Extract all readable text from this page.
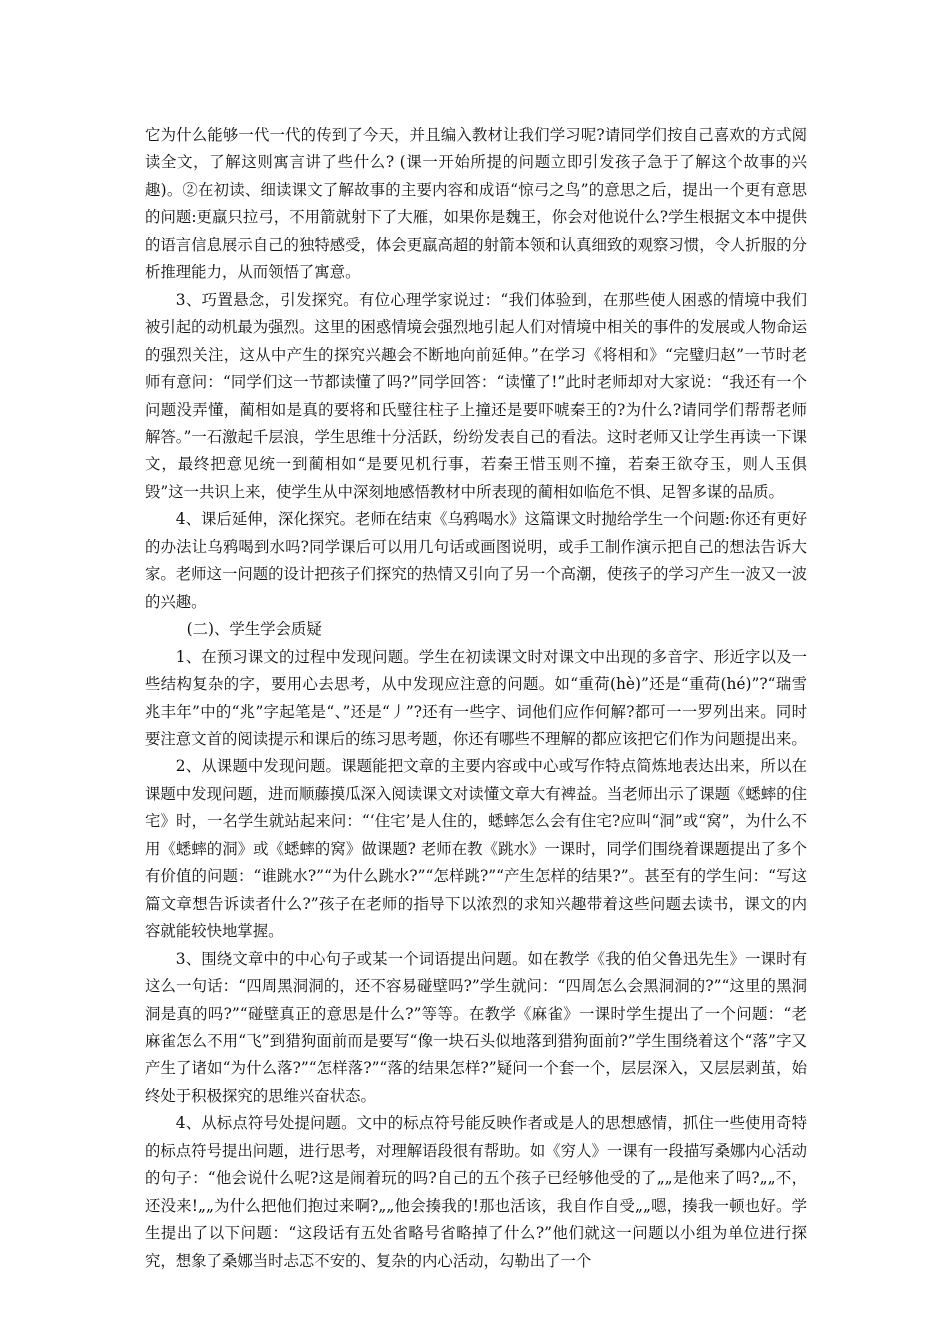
它为什么能够一代一代的传到了今天，并且编入教材让我们学习呢?请同学们按自己喜欢的方式阅读全文，了解这则寓言讲了些什么? (课一开始所提的问题立即引发孩子急于了解这个故事的兴趣)。②在初读、细读课文了解故事的主要内容和成语“惊弓之鸟”的意思之后，提出一个更有意思的问题:更羸只拉弓，不用箭就射下了大雁，如果你是魏王，你会对他说什么?学生根据文本中提供的语言信息展示自己的独特感受，体会更羸高超的射箭本领和认真细致的观察习惯，令人折服的分析推理能力，从而领悟了寓意。

3、巧置悬念，引发探究。有位心理学家说过：“我们体验到，在那些使人困惑的情境中我们被引起的动机最为强烈。这里的困惑情境会强烈地引起人们对情境中相关的事件的发展或人物命运的强烈关注，这从中产生的探究兴趣会不断地向前延伸。”在学习《将相和》“完璧归赵”一节时老师有意问：“同学们这一节都读懂了吗?”同学回答：“读懂了!”此时老师却对大家说：“我还有一个问题没弄懂，蔺相如是真的要将和氏璧往柱子上撞还是要吓唬秦王的?为什么?请同学们帮帮老师解答。”一石激起千层浪，学生思维十分活跃，纷纷发表自己的看法。这时老师又让学生再读一下课文，最终把意见统一到蔺相如“是要见机行事，若秦王惜玉则不撞，若秦王欲夺玉，则人玉俱毁”这一共识上来，使学生从中深刻地感悟教材中所表现的蔺相如临危不惧、足智多谋的品质。

4、课后延伸，深化探究。老师在结束《乌鸦喝水》这篇课文时抛给学生一个问题:你还有更好的办法让乌鸦喝到水吗?同学课后可以用几句话或画图说明，或手工制作演示把自己的想法告诉大家。老师这一问题的设计把孩子们探究的热情又引向了另一个高潮，使孩子的学习产生一波又一波的兴趣。

(二)、学生学会质疑

1、在预习课文的过程中发现问题。学生在初读课文时对课文中出现的多音字、形近字以及一些结构复杂的字，要用心去思考，从中发现应注意的问题。如“重荷(hè)”还是“重荷(hé)”?“瑞雪兆丰年”中的“兆”字起笔是“、”还是“丿”?还有一些字、词他们应作何解?都可一一罗列出来。同时要注意文首的阅读提示和课后的练习思考题，你还有哪些不理解的都应该把它们作为问题提出来。

2、从课题中发现问题。课题能把文章的主要内容或中心或写作特点简炼地表达出来，所以在课题中发现问题，进而顺藤摸瓜深入阅读课文对读懂文章大有裨益。当老师出示了课题《蟋蟀的住宅》时，一名学生就站起来问：“‘住宅’是人住的，蟋蟀怎么会有住宅?应叫“洞”或“窝”，为什么不用《蟋蟀的洞》或《蟋蟀的窝》做课题? 老师在教《跳水》一课时，同学们围绕着课题提出了多个有价值的问题：“谁跳水?”“为什么跳水?”“怎样跳?”“产生怎样的结果?”。甚至有的学生问：“写这篇文章想告诉读者什么?”孩子在老师的指导下以浓烈的求知兴趣带着这些问题去读书，课文的内容就能较快地掌握。

3、围绕文章中的中心句子或某一个词语提出问题。如在教学《我的伯父鲁迅先生》一课时有这么一句话：“四周黑洞洞的，还不容易碰壁吗?”学生就问：“四周怎么会黑洞洞的?”“这里的黑洞洞是真的吗?”“碰壁真正的意思是什么?”等等。在教学《麻雀》一课时学生提出了一个问题：“老麻雀怎么不用“飞”到猎狗面前而是要写“像一块石头似地落到猎狗面前?”学生围绕着这个“落”字又产生了诸如“为什么落?”“怎样落?”“落的结果怎样?”疑问一个套一个，层层深入，又层层剥茧，始终处于积极探究的思维兴奋状态。

4、从标点符号处提问题。文中的标点符号能反映作者或是人的思想感情，抓住一些使用奇特的标点符号提出问题，进行思考，对理解语段很有帮助。如《穷人》一课有一段描写桑娜内心活动的句子：“他会说什么呢?这是闹着玩的吗?自己的五个孩子已经够他受的了„„是他来了吗?„„不，还没来!„„为什么把他们抱过来啊?„„他会揍我的!那也活该，我自作自受„„嗯，揍我一顿也好。学生提出了以下问题：“这段话有五处省略号省略掉了什么?”他们就这一问题以小组为单位进行探究，想象了桑娜当时忐忑不安的、复杂的内心活动，勾勒出了一个
